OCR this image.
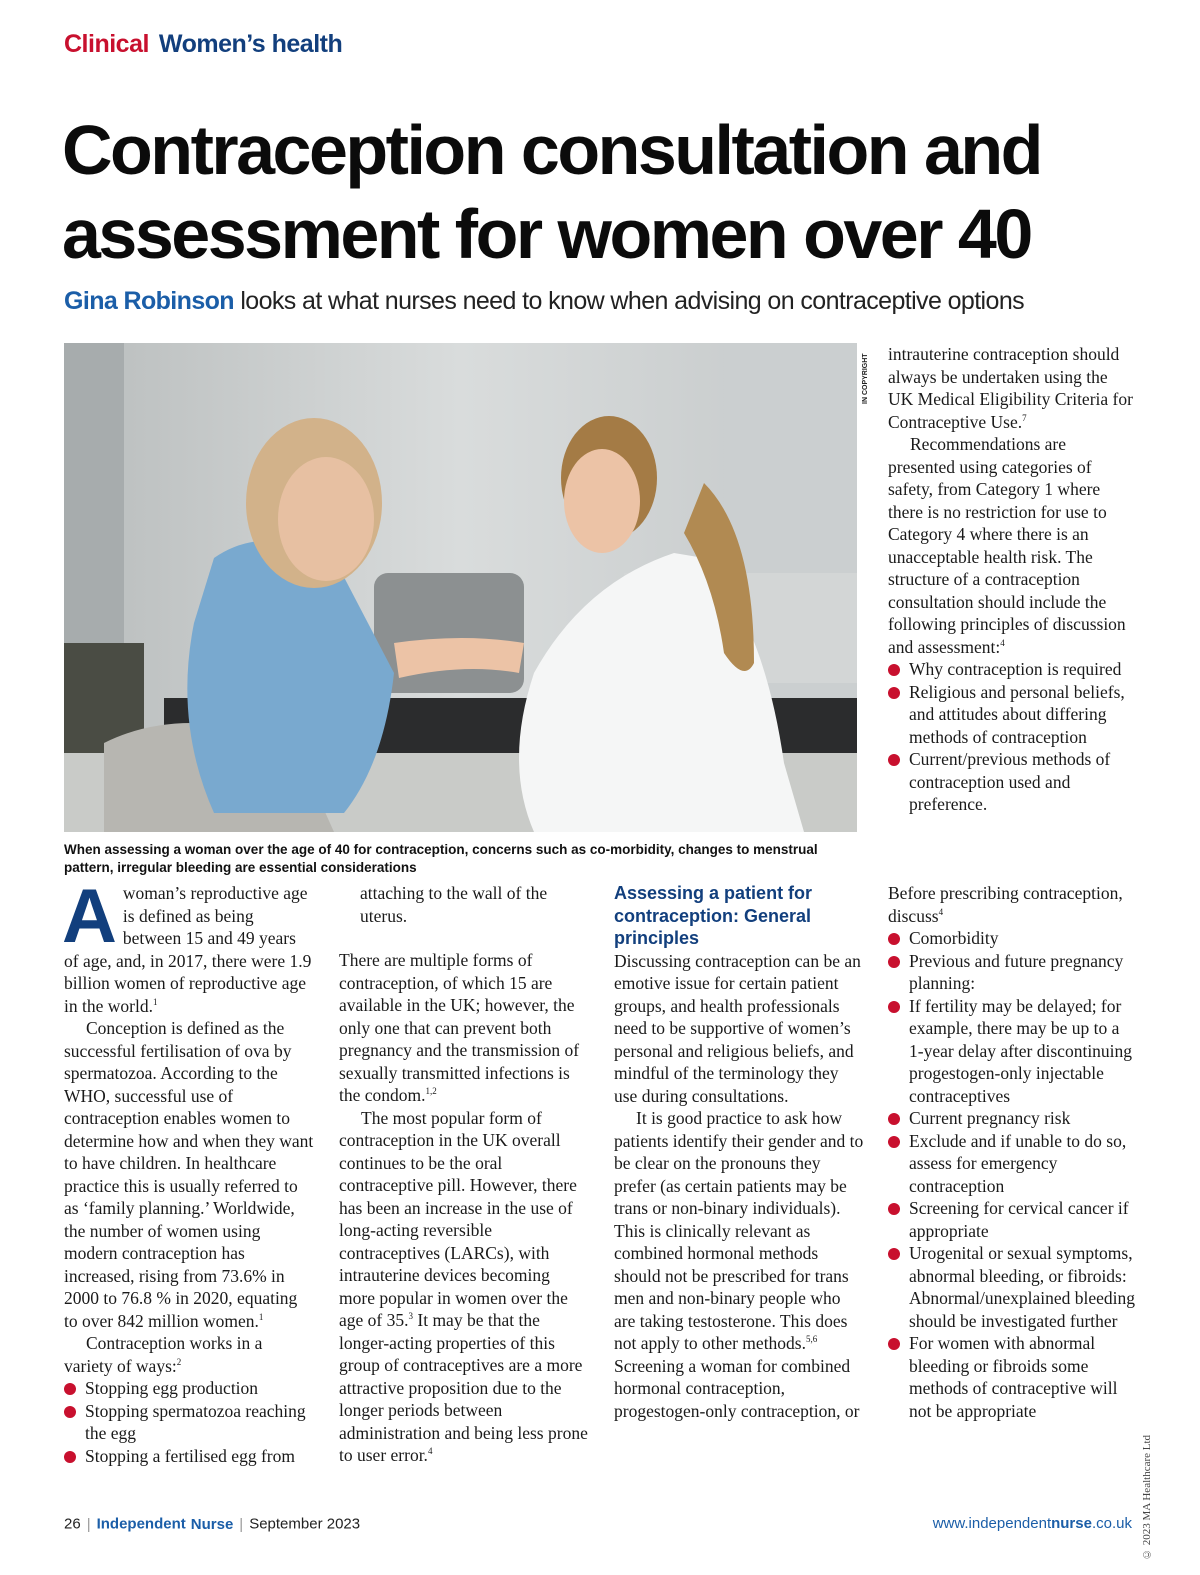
Clinical Women’s health
Contraception consultation and assessment for women over 40
Gina Robinson looks at what nurses need to know when advising on contraceptive options
IN COPYRIGHT
When assessing a woman over the age of 40 for contraception, concerns such as co-morbidity, changes to menstrual pattern, irregular bleeding are essential considerations

Awoman’s reproductive age is defined as being between 15 and 49 years of age, and, in 2017, there were 1.9 billion women of reproductive age in the world.$^1$

Conception is defined as the successful fertilisation of ova by spermatozoa. According to the WHO, successful use of contraception enables women to determine how and when they want to have children. In healthcare practice this is usually referred to as ‘family planning.’ Worldwide, the number of women using modern contraception has increased, rising from 73.6% in 2000 to 76.8 % in 2020, equating to over 842 million women.$^1$

Contraception works in a variety of ways:$^2$

Stopping egg production
Stopping spermatozoa reaching the egg
Stopping a fertilised egg from

attaching to the wall of the uterus.

There are multiple forms of contraception, of which 15 are available in the UK; however, the only one that can prevent both pregnancy and the transmission of sexually transmitted infections is the condom.$^{1,2}$

The most popular form of contraception in the UK overall continues to be the oral contraceptive pill. However, there has been an increase in the use of long-acting reversible contraceptives (LARCs), with intrauterine devices becoming more popular in women over the age of 35.$^3$ It may be that the longer-acting properties of this group of contraceptives are a more attractive proposition due to the longer periods between administration and being less prone to user error.$^4$

Assessing a patient for contraception: General principles

Discussing contraception can be an emotive issue for certain patient groups, and health professionals need to be supportive of women’s personal and religious beliefs, and mindful of the terminology they use during consultations.

It is good practice to ask how patients identify their gender and to be clear on the pronouns they prefer (as certain patients may be trans or non-binary individuals). This is clinically relevant as combined hormonal methods should not be prescribed for trans men and non-binary people who are taking testosterone. This does not apply to other methods.$^{5,6}$

Screening a woman for combined hormonal contraception, progestogen-only contraception, or

intrauterine contraception should always be undertaken using the UK Medical Eligibility Criteria for Contraceptive Use.$^7$

Recommendations are presented using categories of safety, from Category 1 where there is no restriction for use to Category 4 where there is an unacceptable health risk. The structure of a contraception consultation should include the following principles of discussion and assessment:$^4$

Why contraception is required
Religious and personal beliefs, and attitudes about differing methods of contraception
Current/previous methods of contraception used and preference.

Before prescribing contraception, discuss$^4$

Comorbidity
Previous and future pregnancy planning:
If fertility may be delayed; for example, there may be up to a 1-year delay after discontinuing progestogen-only injectable contraceptives
Current pregnancy risk
Exclude and if unable to do so, assess for emergency contraception
Screening for cervical cancer if appropriate
Urogenital or sexual symptoms, abnormal bleeding, or fibroids: Abnormal/unexplained bleeding should be investigated further
For women with abnormal bleeding or fibroids some methods of contraceptive will not be appropriate
© 2023 MA Healthcare Ltd
26 | Independent Nurse | September 2023	www.independentnurse.co.uk
